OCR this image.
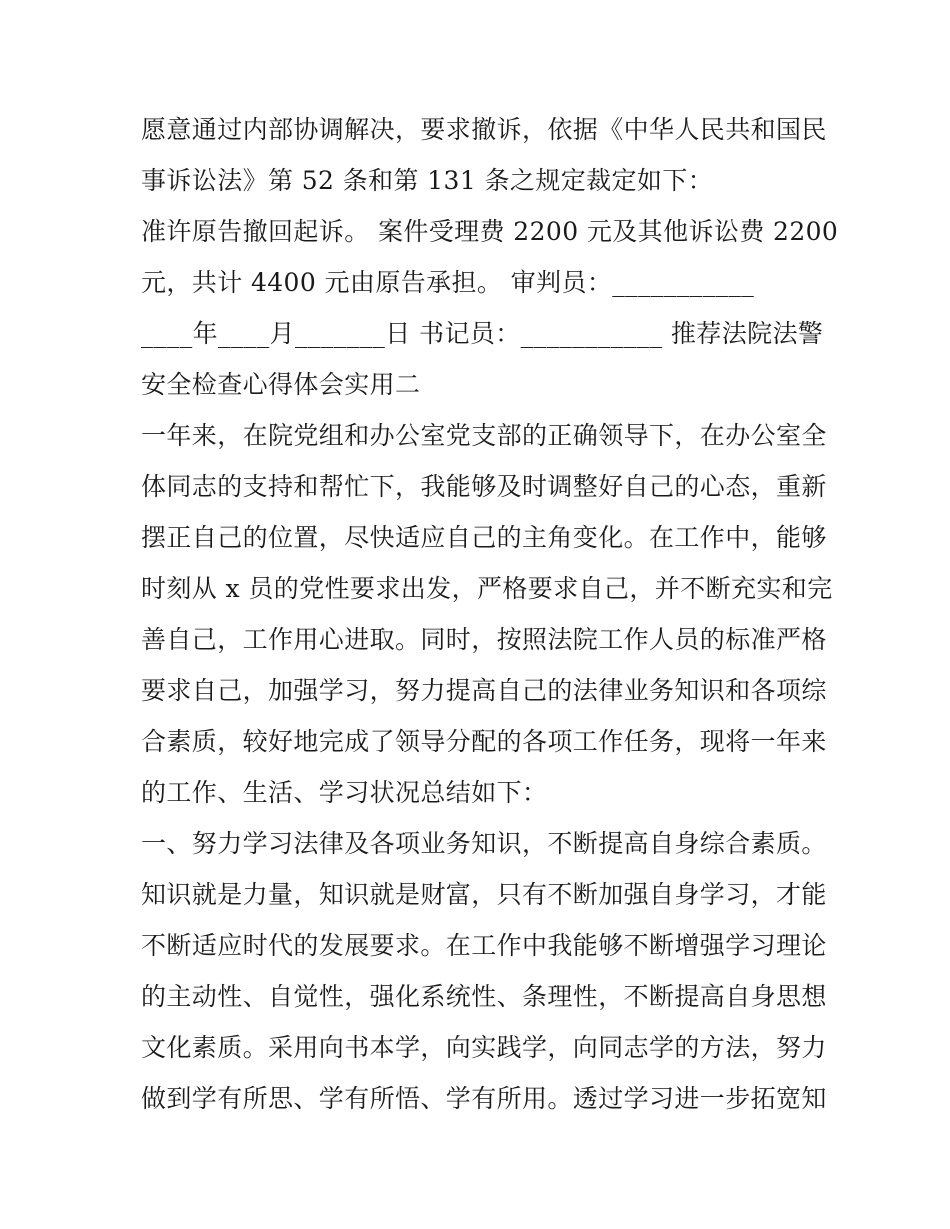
愿意通过内部协调解决，要求撤诉，依据《中华人民共和国民
事诉讼法》第 52 条和第 131 条之规定裁定如下：
准许原告撤回起诉。 案件受理费 2200 元及其他诉讼费 2200
元，共计 4400 元由原告承担。 审判员：___________
____年____月_______日 书记员：___________ 推荐法院法警
安全检查心得体会实用二
一年来，在院党组和办公室党支部的正确领导下，在办公室全
体同志的支持和帮忙下，我能够及时调整好自己的心态，重新
摆正自己的位置，尽快适应自己的主角变化。在工作中，能够
时刻从 x 员的党性要求出发，严格要求自己，并不断充实和完
善自己，工作用心进取。同时，按照法院工作人员的标准严格
要求自己，加强学习，努力提高自己的法律业务知识和各项综
合素质，较好地完成了领导分配的各项工作任务，现将一年来
的工作、生活、学习状况总结如下：
一、努力学习法律及各项业务知识，不断提高自身综合素质。
知识就是力量，知识就是财富，只有不断加强自身学习，才能
不断适应时代的发展要求。在工作中我能够不断增强学习理论
的主动性、自觉性，强化系统性、条理性，不断提高自身思想
文化素质。采用向书本学，向实践学，向同志学的方法，努力
做到学有所思、学有所悟、学有所用。透过学习进一步拓宽知
